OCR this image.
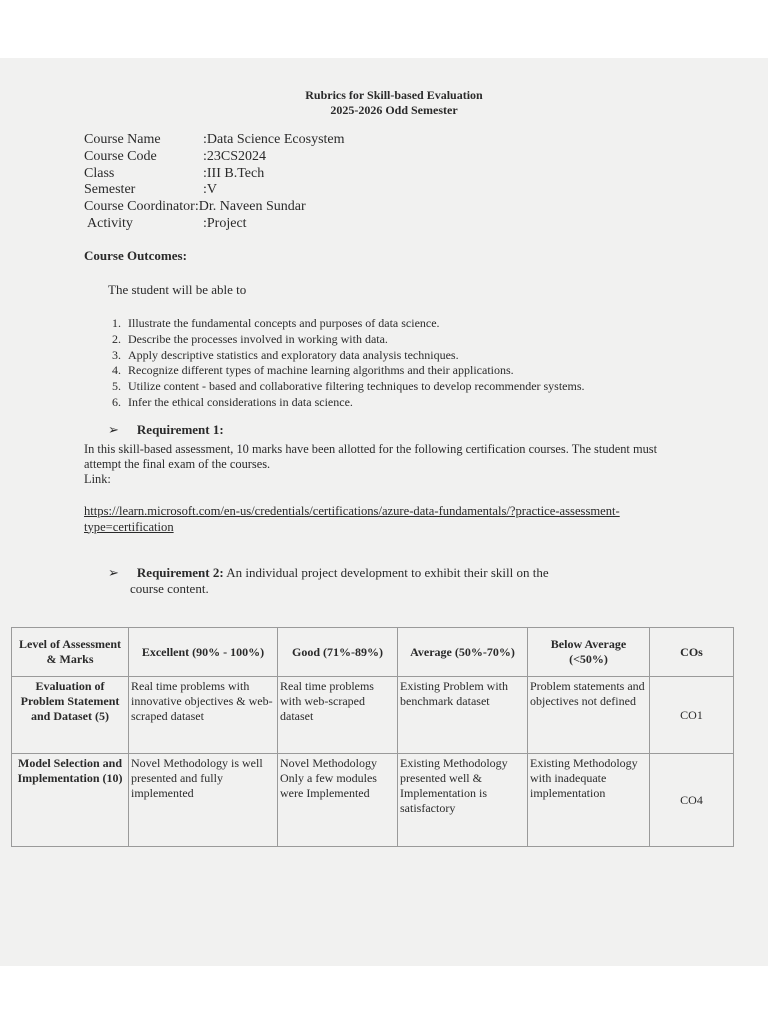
Rubrics for Skill-based Evaluation
2025-2026 Odd Semester
Course Name	: Data Science Ecosystem
Course Code	: 23CS2024
Class	: III B.Tech
Semester	: V
Course Coordinator : Dr. Naveen Sundar
Activity	: Project
Course Outcomes:
The student will be able to
1. Illustrate the fundamental concepts and purposes of data science.
2. Describe the processes involved in working with data.
3. Apply descriptive statistics and exploratory data analysis techniques.
4. Recognize different types of machine learning algorithms and their applications.
5. Utilize content - based and collaborative filtering techniques to develop recommender systems.
6. Infer the ethical considerations in data science.
➢ Requirement 1:
In this skill-based assessment, 10 marks have been allotted for the following certification courses. The student must attempt the final exam of the courses.
Link:
https://learn.microsoft.com/en-us/credentials/certifications/azure-data-fundamentals/?practice-assessment-type=certification
➢ Requirement 2: An individual project development to exhibit their skill on the
course content.
Level of Assessment & Marks	Excellent (90% - 100%)	Good (71%-89%)	Average (50%-70%)	Below Average (<50%)	COs
Evaluation of Problem Statement and Dataset (5)	Real time problems with innovative objectives & web-scraped dataset	Real time problems with web-scraped dataset	Existing Problem with benchmark dataset	Problem statements and objectives not defined	CO1
Model Selection and Implementation (10)	Novel Methodology is well presented and fully implemented	Novel Methodology Only a few modules were Implemented	Existing Methodology presented well & Implementation is satisfactory	Existing Methodology with inadequate implementation	CO4
